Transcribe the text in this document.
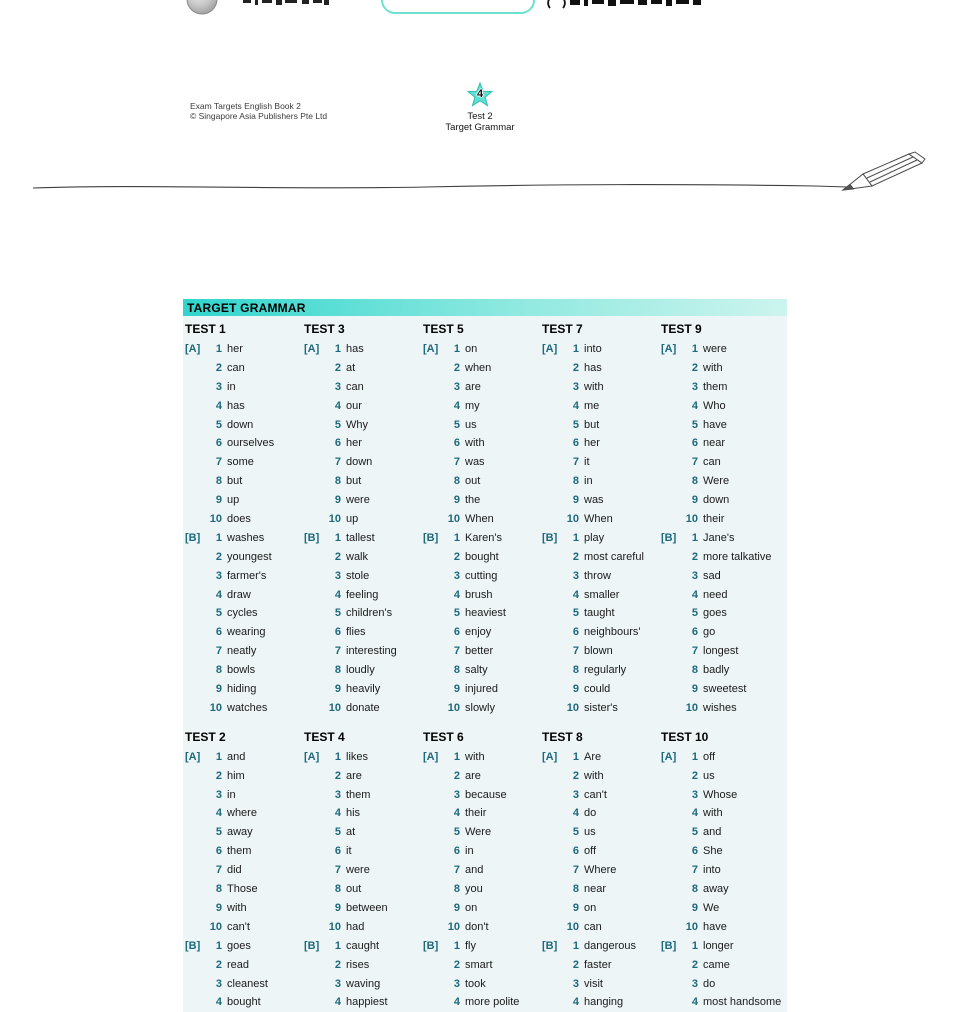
Exam Targets English Book 2
© Singapore Asia Publishers Pte Ltd
4
Test 2
Target Grammar
TARGET GRAMMAR
TEST 1
[A]	1 her
2 can
3 in
4 has
5 down
6 ourselves
7 some
8 but
9 up
10 does
[B]	1 washes
2 youngest
3 farmer's
4 draw
5 cycles
6 wearing
7 neatly
8 bowls
9 hiding
10 watches
TEST 3
[A]	1 has
2 at
3 can
4 our
5 Why
6 her
7 down
8 but
9 were
10 up
[B]	1 tallest
2 walk
3 stole
4 feeling
5 children's
6 flies
7 interesting
8 loudly
9 heavily
10 donate
TEST 5
[A]	1 on
2 when
3 are
4 my
5 us
6 with
7 was
8 out
9 the
10 When
[B]	1 Karen's
2 bought
3 cutting
4 brush
5 heaviest
6 enjoy
7 better
8 salty
9 injured
10 slowly
TEST 7
[A]	1 into
2 has
3 with
4 me
5 but
6 her
7 it
8 in
9 was
10 When
[B]	1 play
2 most careful
3 throw
4 smaller
5 taught
6 neighbours'
7 blown
8 regularly
9 could
10 sister's
TEST 9
[A]	1 were
2 with
3 them
4 Who
5 have
6 near
7 can
8 Were
9 down
10 their
[B]	1 Jane's
2 more talkative
3 sad
4 need
5 goes
6 go
7 longest
8 badly
9 sweetest
10 wishes
TEST 2
[A]	1 and
2 him
3 in
4 where
5 away
6 them
7 did
8 Those
9 with
10 can't
[B]	1 goes
2 read
3 cleanest
4 bought
TEST 4
[A]	1 likes
2 are
3 them
4 his
5 at
6 it
7 were
8 out
9 between
10 had
[B]	1 caught
2 rises
3 waving
4 happiest
TEST 6
[A]	1 with
2 are
3 because
4 their
5 Were
6 in
7 and
8 you
9 on
10 don't
[B]	1 fly
2 smart
3 took
4 more polite
TEST 8
[A]	1 Are
2 with
3 can't
4 do
5 us
6 off
7 Where
8 near
9 on
10 can
[B]	1 dangerous
2 faster
3 visit
4 hanging
TEST 10
[A]	1 off
2 us
3 Whose
4 with
5 and
6 She
7 into
8 away
9 We
10 have
[B]	1 longer
2 came
3 do
4 most handsome
